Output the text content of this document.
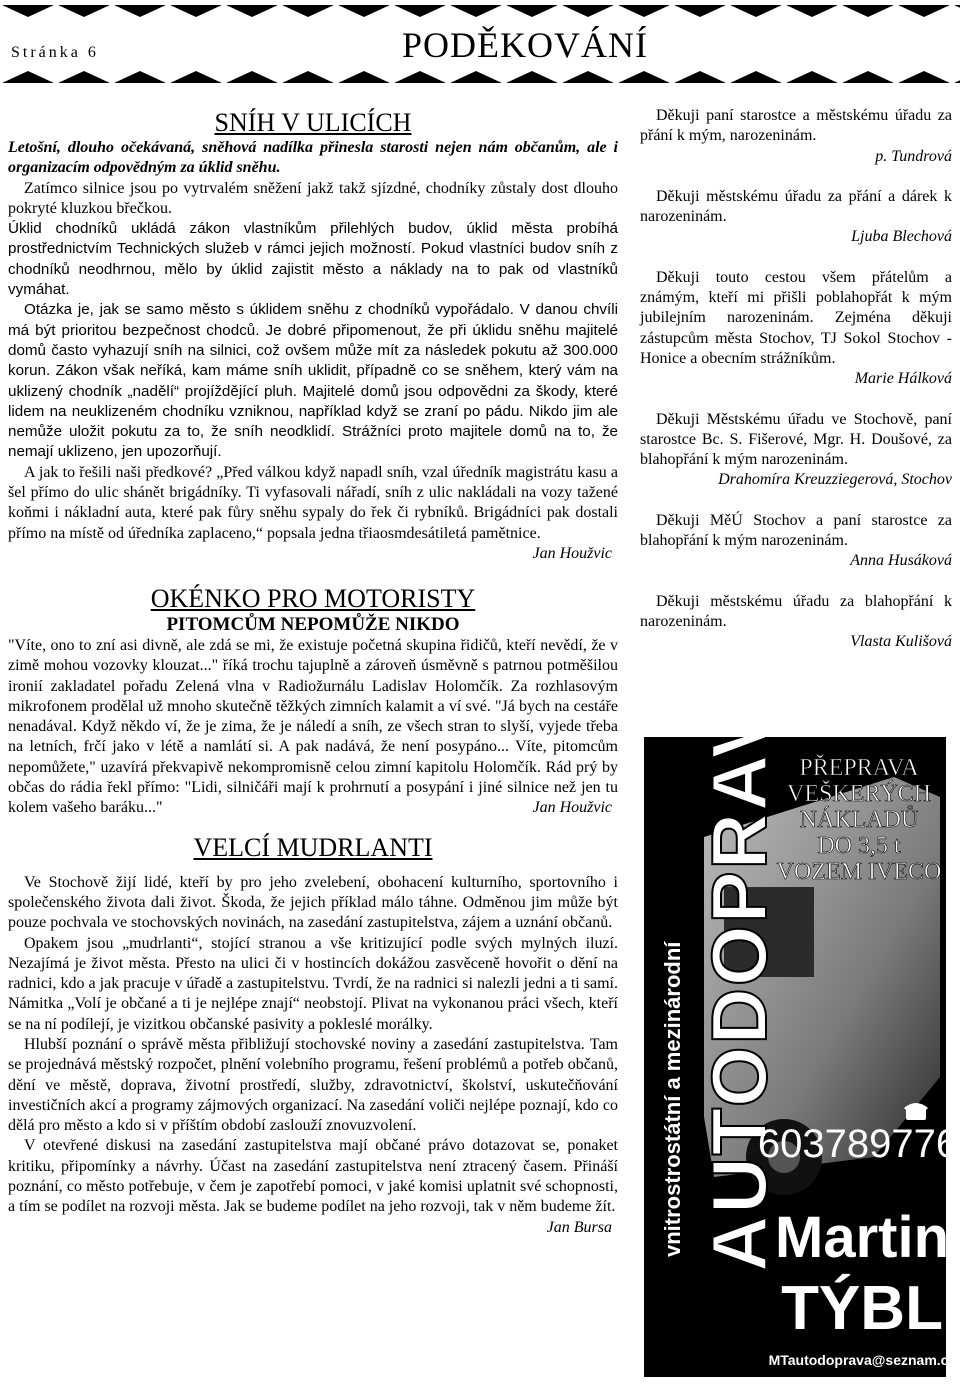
Stránka 6	PODĚKOVÁNÍ
SNÍH V ULICÍCH

Letošní, dlouho očekávaná, sněhová nadílka přinesla starosti nejen nám občanům, ale i organizacím odpovědným za úklid sněhu.

Zatímco silnice jsou po vytrvalém sněžení jakž takž sjízdné, chodníky zůstaly dost dlouho pokryté kluzkou břečkou.

Úklid chodníků ukládá zákon vlastníkům přilehlých budov, úklid města probíhá prostřednictvím Technických služeb v rámci jejich možností. Pokud vlastníci budov sníh z chodníků neodhrnou, mělo by úklid zajistit město a náklady na to pak od vlastníků vymáhat.

Otázka je, jak se samo město s úklidem sněhu z chodníků vypořádalo. V danou chvíli má být prioritou bezpečnost chodců. Je dobré připomenout, že při úklidu sněhu majitelé domů často vyhazují sníh na silnici, což ovšem může mít za následek pokutu až 300.000 korun. Zákon však neříká, kam máme sníh uklidit, případně co se sněhem, který vám na uklizený chodník „nadělí“ projíždějící pluh. Majitelé domů jsou odpovědni za škody, které lidem na neuklizeném chodníku vzniknou, například když se zraní po pádu. Nikdo jim ale nemůže uložit pokutu za to, že sníh neodklidí. Strážníci proto majitele domů na to, že nemají uklizeno, jen upozorňují.

A jak to řešili naši předkové? „Před válkou když napadl sníh, vzal úředník magistrátu kasu a šel přímo do ulic shánět brigádníky. Ti vyfasovali nářadí, sníh z ulic nakládali na vozy tažené koňmi i nákladní auta, které pak fůry sněhu sypaly do řek či rybníků. Brigádníci pak dostali přímo na místě od úředníka zaplaceno,“ popsala jedna třiaosmdesátiletá pamětnice.
Jan Houžvic

OKÉNKO PRO MOTORISTY
PITOMCŮM NEPOMŮŽE NIKDO

"Víte, ono to zní asi divně, ale zdá se mi, že existuje početná skupina řidičů, kteří nevědí, že v zimě mohou vozovky klouzat..." říká trochu tajuplně a zároveň úsměvně s patrnou potměšilou ironií zakladatel pořadu Zelená vlna v Radiožurnálu Ladislav Holomčík. Za rozhlasovým mikrofonem prodělal už mnoho skutečně těžkých zimních kalamit a ví své. "Já bych na cestáře nenadával. Když někdo ví, že je zima, že je náledí a sníh, ze všech stran to slyší, vyjede třeba na letních, frčí jako v létě a namlátí si. A pak nadává, že není posypáno... Víte, pitomcům nepomůžete," uzavírá překvapivě nekompromisně celou zimní kapitolu Holomčík. Rád prý by občas do rádia řekl přímo: "Lidi, silničáři mají k prohrnutí a posypání i jiné silnice než jen tu kolem vašeho baráku..."	Jan Houžvic

VELCÍ MUDRLANTI

Ve Stochově žijí lidé, kteří by pro jeho zvelebení, obohacení kulturního, sportovního i společenského života dali život. Škoda, že jejich příklad málo táhne. Odměnou jim může být pouze pochvala ve stochovských novinách, na zasedání zastupitelstva, zájem a uznání občanů.

Opakem jsou „mudrlanti“, stojící stranou a vše kritizující podle svých mylných iluzí. Nezajímá je život města. Přesto na ulici či v hostincích dokážou zasvěceně hovořit o dění na radnici, kdo a jak pracuje v úřadě a zastupitelstvu. Tvrdí, že na radnici si nalezli jedni a ti samí. Námitka „Volí je občané a ti je nejlépe znají“ neobstojí. Plivat na vykonanou práci všech, kteří se na ní podílejí, je vizitkou občanské pasivity a pokleslé morálky.

Hlubší poznání o správě města přibližují stochovské noviny a zasedání zastupitelstva. Tam se projednává městský rozpočet, plnění volebního programu, řešení problémů a potřeb občanů, dění ve městě, doprava, životní prostředí, služby, zdravotnictví, školství, uskutečňování investičních akcí a programy zájmových organizací. Na zasedání voliči nejlépe poznají, kdo co dělá pro město a kdo si v příštím období zaslouží znovuzvolení.

V otevřené diskusi na zasedání zastupitelstva mají občané právo dotazovat se, ponaket kritiku, připomínky a návrhy. Účast na zasedání zastupitelstva není ztracený časem. Přináší poznání, co město potřebuje, v čem je zapotřebí pomoci, v jaké komisi uplatnit své schopnosti, a tím se podílet na rozvoji města. Jak se budeme podílet na jeho rozvoji, tak v něm budeme žít.
Jan Bursa

Děkuji paní starostce a městskému úřadu za přání k mým, narozeninám.

p. Tundrová

Děkuji městskému úřadu za přání a dárek k narozeninám.

Ljuba Blechová

Děkuji touto cestou všem přátelům a známým, kteří mi přišli poblahopřát k mým jubilejním narozeninám. Zejména děkuji zástupcům města Stochov, TJ Sokol Stochov - Honice a obecním strážníkům.

Marie Hálková

Děkuji Městskému úřadu ve Stochově, paní starostce Bc. S. Fišerové, Mgr. H. Doušové, za blahopřání k mým narozeninám.

Drahomíra Kreuzziegerová, Stochov

Děkuji MěÚ Stochov a paní starostce za blahopřání k mým narozeninám.

Anna Husáková

Děkuji městskému úřadu za blahopřání k narozeninám.

Vlasta Kulišová

vnitrostrostátní a mezinárodní AUTODOPRAVA PŘEPRAVA
VEŠKERÝCH
NÁKLADŮ
DO 3,5 t
VOZEM IVECO
603789776
Martin
TÝBL
MTautodoprava@seznam.cz
